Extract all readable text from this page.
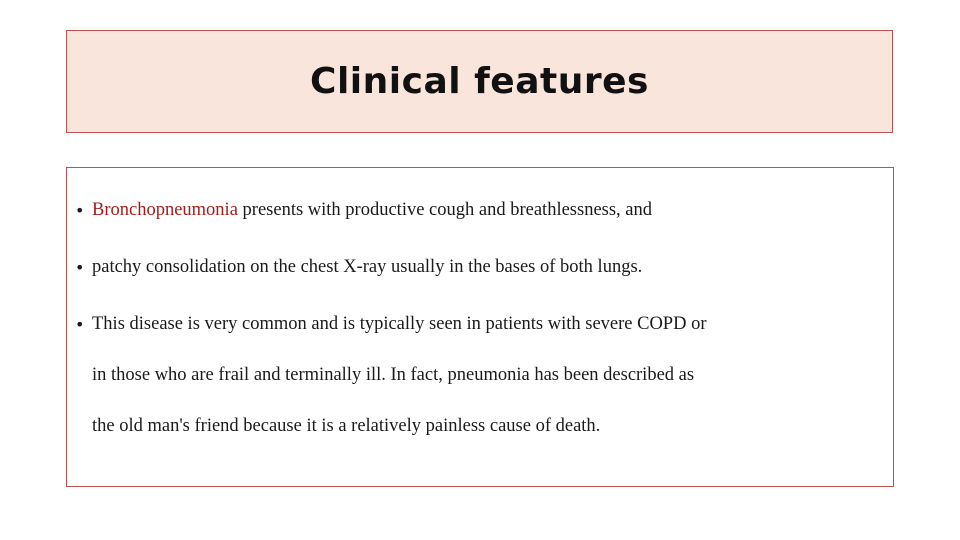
Clinical features
• Bronchopneumonia presents with productive cough and breathlessness, and
• patchy consolidation on the chest X-ray usually in the bases of both lungs.
• This disease is very common and is typically seen in patients with severe COPD or
in those who are frail and terminally ill. In fact, pneumonia has been described as
the old man's friend because it is a relatively painless cause of death.
